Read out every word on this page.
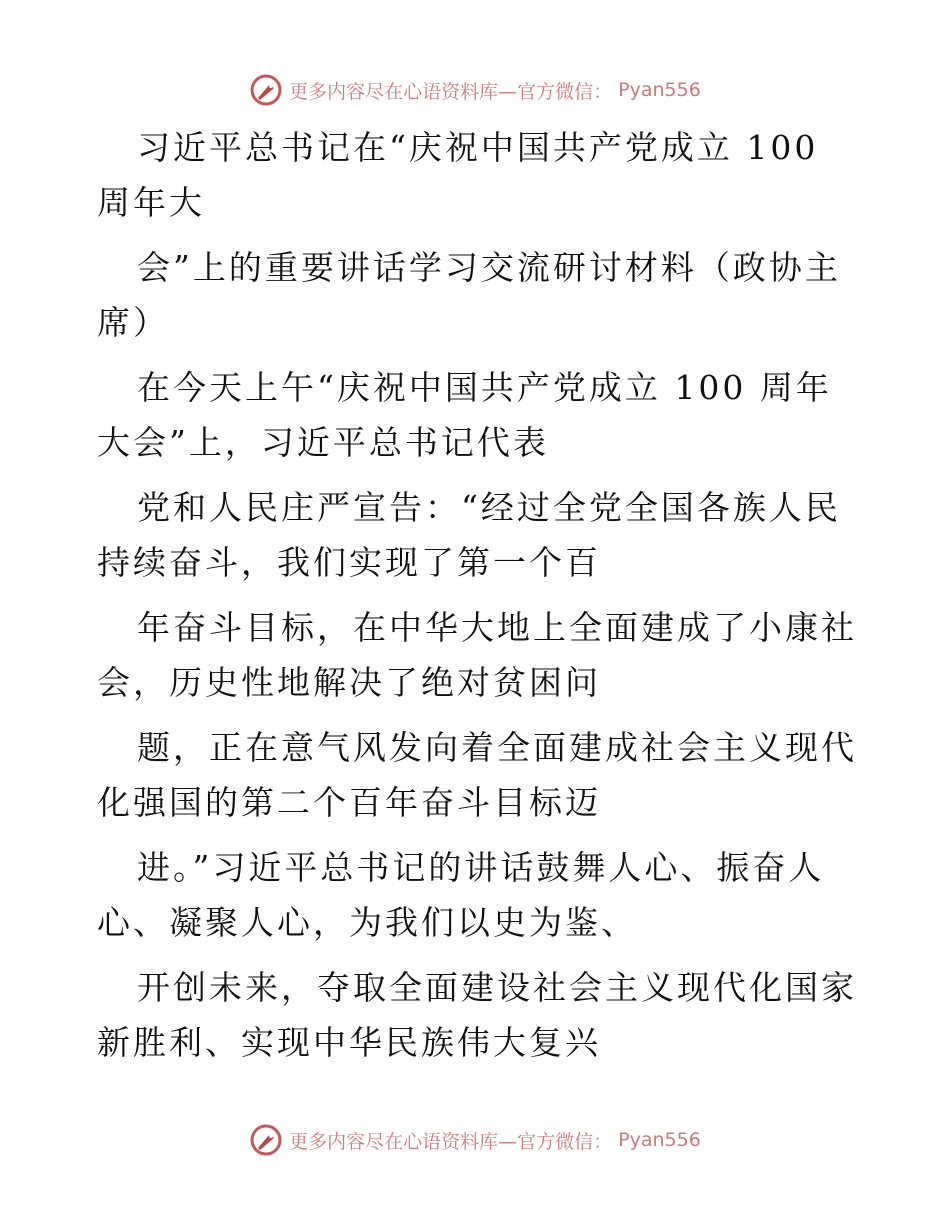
更多内容尽在心语资料库—官方微信： Pyan556

习近平总书记在“庆祝中国共产党成立 100 周年大

会”上的重要讲话学习交流研讨材料（政协主席）

在今天上午“庆祝中国共产党成立 100 周年大会”上，习近平总书记代表

党和人民庄严宣告：“经过全党全国各族人民持续奋斗，我们实现了第一个百

年奋斗目标，在中华大地上全面建成了小康社会，历史性地解决了绝对贫困问

题，正在意气风发向着全面建成社会主义现代化强国的第二个百年奋斗目标迈

进。”习近平总书记的讲话鼓舞人心、振奋人心、凝聚人心，为我们以史为鉴、

开创未来，夺取全面建设社会主义现代化国家新胜利、实现中华民族伟大复兴

更多内容尽在心语资料库—官方微信： Pyan556
